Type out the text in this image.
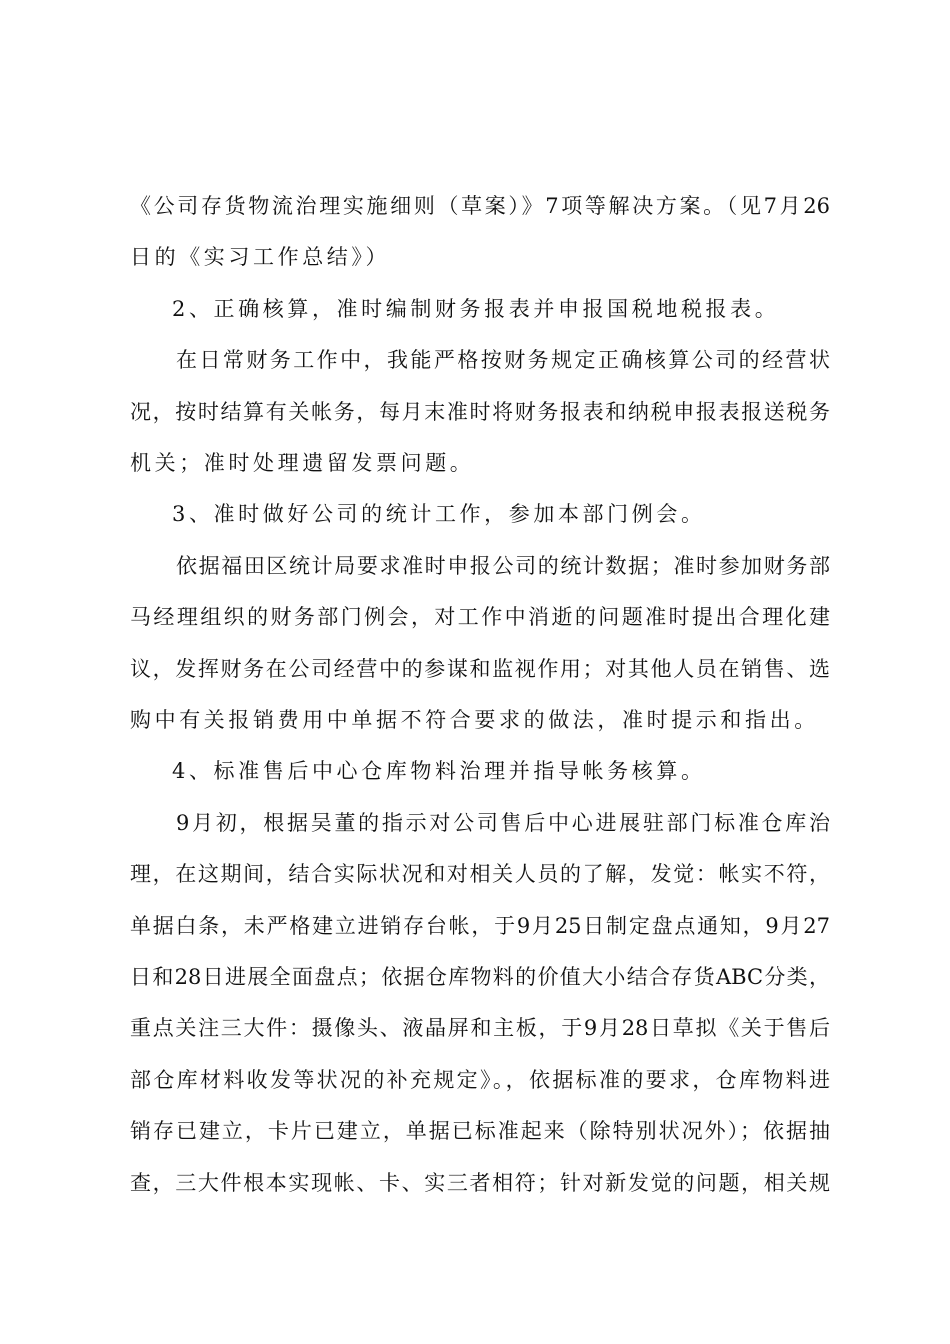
《公司存货物流治理实施细则（草案）》7项等解决方案。（见7月26
日的《实习工作总结》）
2、正确核算，准时编制财务报表并申报国税地税报表。
在日常财务工作中，我能严格按财务规定正确核算公司的经营状
况，按时结算有关帐务，每月末准时将财务报表和纳税申报表报送税务
机关；准时处理遗留发票问题。
3、准时做好公司的统计工作，参加本部门例会。
依据福田区统计局要求准时申报公司的统计数据；准时参加财务部
马经理组织的财务部门例会，对工作中消逝的问题准时提出合理化建
议，发挥财务在公司经营中的参谋和监视作用；对其他人员在销售、选
购中有关报销费用中单据不符合要求的做法，准时提示和指出。
4、标准售后中心仓库物料治理并指导帐务核算。
9月初，根据吴董的指示对公司售后中心进展驻部门标准仓库治
理，在这期间，结合实际状况和对相关人员的了解，发觉：帐实不符，
单据白条，未严格建立进销存台帐，于9月25日制定盘点通知，9月27
日和28日进展全面盘点；依据仓库物料的价值大小结合存货ABC分类，
重点关注三大件：摄像头、液晶屏和主板，于9月28日草拟《关于售后
部仓库材料收发等状况的补充规定》。，依据标准的要求，仓库物料进
销存已建立，卡片已建立，单据已标准起来（除特别状况外）；依据抽
查，三大件根本实现帐、卡、实三者相符；针对新发觉的问题，相关规
